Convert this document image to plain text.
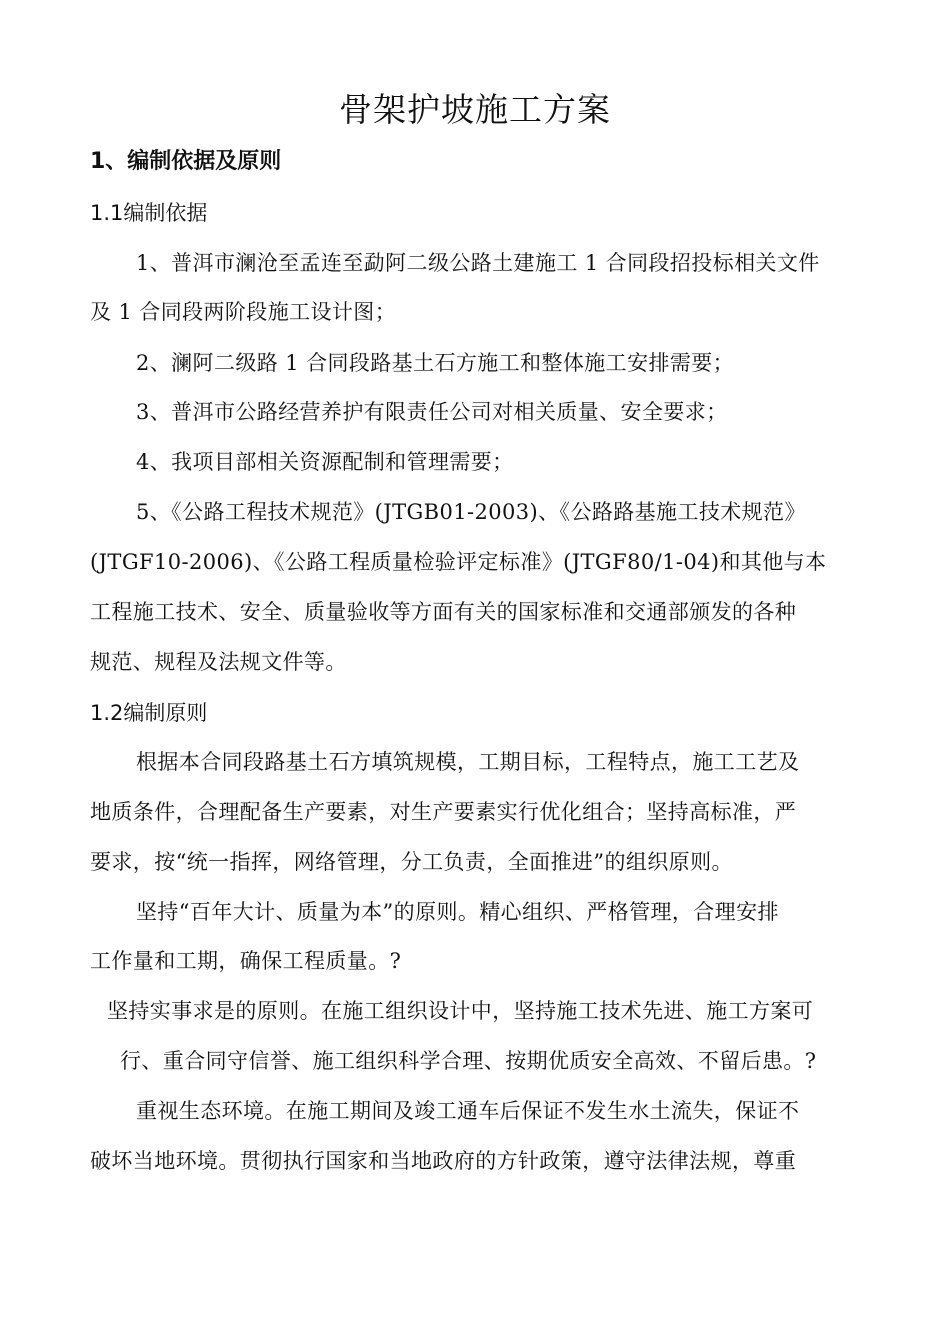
骨架护坡施工方案
1、编制依据及原则
1.1编制依据
1、普洱市澜沧至孟连至勐阿二级公路土建施工 1 合同段招投标相关文件
及 1 合同段两阶段施工设计图；
2、澜阿二级路 1 合同段路基土石方施工和整体施工安排需要；
3、普洱市公路经营养护有限责任公司对相关质量、安全要求；
4、我项目部相关资源配制和管理需要；
5、《公路工程技术规范》(JTGB01-2003)、《公路路基施工技术规范》
(JTGF10-2006)、《公路工程质量检验评定标准》(JTGF80/1-04)和其他与本
工程施工技术、安全、质量验收等方面有关的国家标准和交通部颁发的各种
规范、规程及法规文件等。
1.2编制原则
根据本合同段路基土石方填筑规模，工期目标，工程特点，施工工艺及
地质条件，合理配备生产要素，对生产要素实行优化组合；坚持高标准，严
要求，按“统一指挥，网络管理，分工负责，全面推进”的组织原则。
坚持“百年大计、质量为本”的原则。精心组织、严格管理，合理安排
工作量和工期，确保工程质量。?
坚持实事求是的原则。在施工组织设计中，坚持施工技术先进、施工方案可
行、重合同守信誉、施工组织科学合理、按期优质安全高效、不留后患。?
重视生态环境。在施工期间及竣工通车后保证不发生水土流失，保证不
破坏当地环境。贯彻执行国家和当地政府的方针政策，遵守法律法规，尊重
